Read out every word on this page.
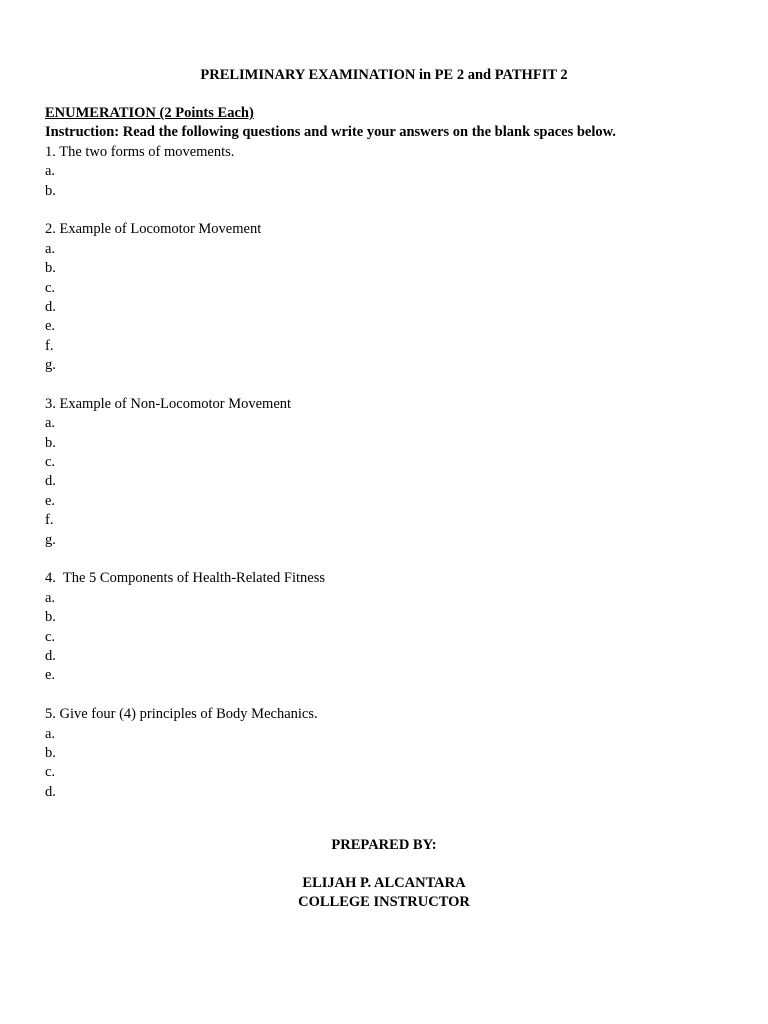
PRELIMINARY EXAMINATION in PE 2 and PATHFIT 2
ENUMERATION (2 Points Each)
Instruction: Read the following questions and write your answers on the blank spaces below.
1. The two forms of movements.
a.
b.
2. Example of Locomotor Movement
a.
b.
c.
d.
e.
f.
g.
3. Example of Non-Locomotor Movement
a.
b.
c.
d.
e.
f.
g.
4.  The 5 Components of Health-Related Fitness
a.
b.
c.
d.
e.
5. Give four (4) principles of Body Mechanics.
a.
b.
c.
d.
PREPARED BY:
ELIJAH P. ALCANTARA
COLLEGE INSTRUCTOR
